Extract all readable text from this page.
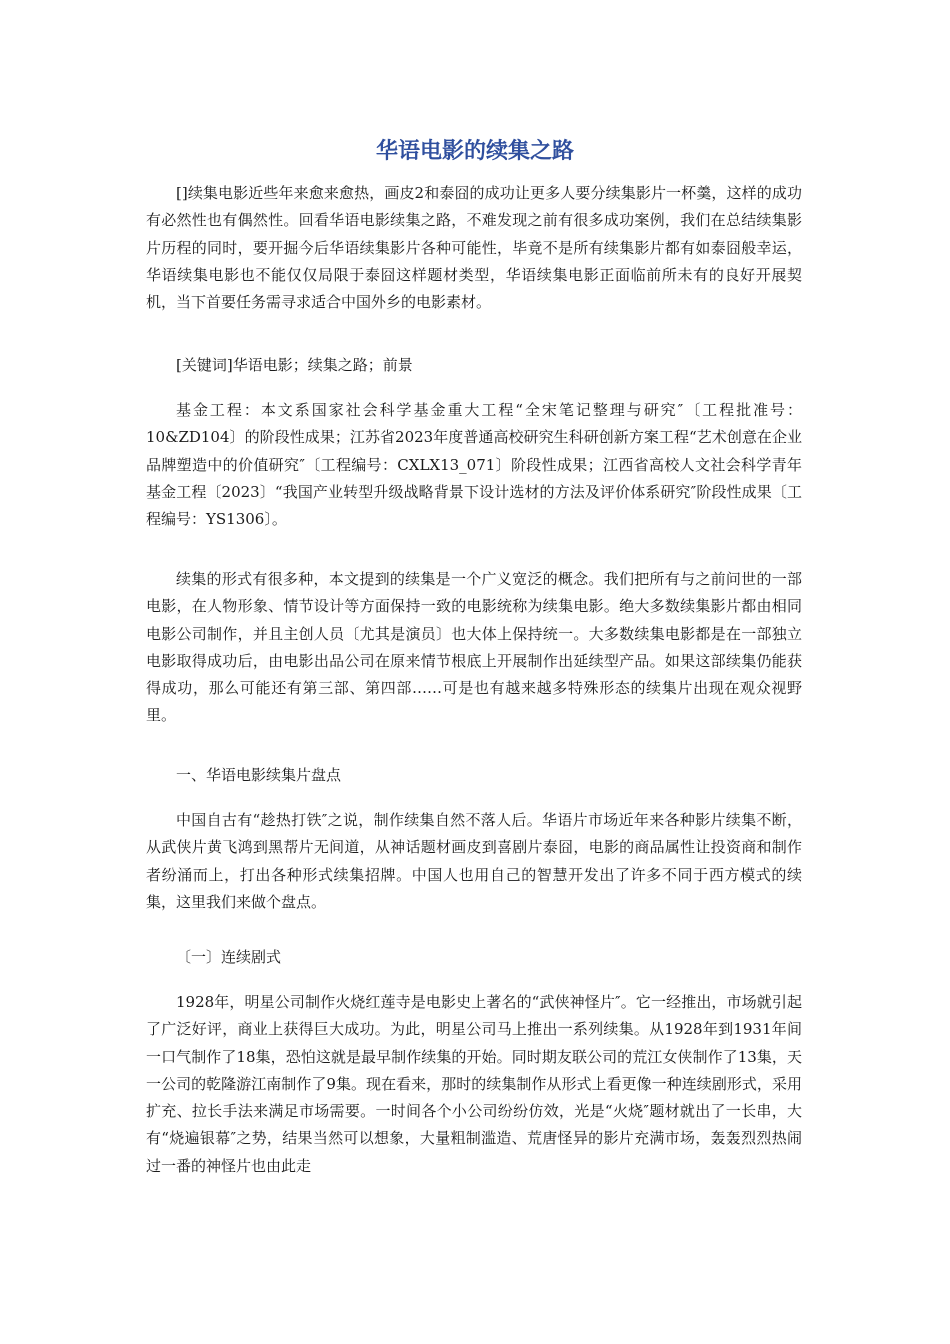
华语电影的续集之路

[]续集电影近些年来愈来愈热，画皮2和泰囧的成功让更多人要分续集影片一杯羹，这样的成功有必然性也有偶然性。回看华语电影续集之路，不难发现之前有很多成功案例，我们在总结续集影片历程的同时，要开掘今后华语续集影片各种可能性，毕竟不是所有续集影片都有如泰囧般幸运，华语续集电影也不能仅仅局限于泰囧这样题材类型，华语续集电影正面临前所未有的良好开展契机，当下首要任务需寻求适合中国外乡的电影素材。

[关键词]华语电影；续集之路；前景

基金工程：本文系国家社会科学基金重大工程“全宋笔记整理与研究″〔工程批准号：10&ZD104〕的阶段性成果；江苏省2023年度普通高校研究生科研创新方案工程“艺术创意在企业品牌塑造中的价值研究″〔工程编号：CXLX13_071〕阶段性成果；江西省高校人文社会科学青年基金工程〔2023〕“我国产业转型升级战略背景下设计选材的方法及评价体系研究″阶段性成果〔工程编号：YS1306〕。

续集的形式有很多种，本文提到的续集是一个广义宽泛的概念。我们把所有与之前问世的一部电影，在人物形象、情节设计等方面保持一致的电影统称为续集电影。绝大多数续集影片都由相同电影公司制作，并且主创人员〔尤其是演员〕也大体上保持统一。大多数续集电影都是在一部独立电影取得成功后，由电影出品公司在原来情节根底上开展制作出延续型产品。如果这部续集仍能获得成功，那么可能还有第三部、第四部……可是也有越来越多特殊形态的续集片出现在观众视野里。

一、华语电影续集片盘点

中国自古有“趁热打铁″之说，制作续集自然不落人后。华语片市场近年来各种影片续集不断，从武侠片黄飞鸿到黑帮片无间道，从神话题材画皮到喜剧片泰囧，电影的商品属性让投资商和制作者纷涌而上，打出各种形式续集招牌。中国人也用自己的智慧开发出了许多不同于西方模式的续集，这里我们来做个盘点。

〔一〕连续剧式

1928年，明星公司制作火烧红莲寺是电影史上著名的“武侠神怪片″。它一经推出，市场就引起了广泛好评，商业上获得巨大成功。为此，明星公司马上推出一系列续集。从1928年到1931年间一口气制作了18集，恐怕这就是最早制作续集的开始。同时期友联公司的荒江女侠制作了13集，天一公司的乾隆游江南制作了9集。现在看来，那时的续集制作从形式上看更像一种连续剧形式，采用扩充、拉长手法来满足市场需要。一时间各个小公司纷纷仿效，光是“火烧″题材就出了一长串，大有“烧遍银幕″之势，结果当然可以想象，大量粗制滥造、荒唐怪异的影片充满市场，轰轰烈烈热闹过一番的神怪片也由此走
